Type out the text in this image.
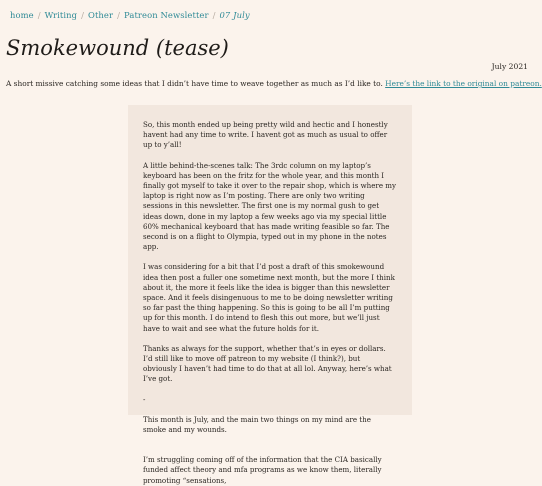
home / Writing / Other / Patreon Newsletter / 07 July
Smokewound (tease)
July 2021

A short missive catching some ideas that I didn’t have time to weave together as much as I’d like to. Here’s the link to the original on patreon.

So, this month ended up being pretty wild and hectic and I honestly havent had any time to write. I havent got as much as usual to offer up to y’all!

A little behind-the-scenes talk: The 3rdc column on my laptop’s keyboard has been on the fritz for the whole year, and this month I finally got myself to take it over to the repair shop, which is where my laptop is right now as I’m posting. There are only two writing sessions in this newsletter. The first one is my normal gush to get ideas down, done in my laptop a few weeks ago via my special little 60% mechanical keyboard that has made writing feasible so far. The second is on a flight to Olympia, typed out in my phone in the notes app.

I was considering for a bit that I’d post a draft of this smokewound idea then post a fuller one sometime next month, but the more I think about it, the more it feels like the idea is bigger than this newsletter space. And it feels disingenuous to me to be doing newsletter writing so far past the thing happening. So this is going to be all I’m putting up for this month. I do intend to flesh this out more, but we’ll just have to wait and see what the future holds for it.

Thanks as always for the support, whether that’s in eyes or dollars. I’d still like to move off patreon to my website (I think?), but obviously I haven’t had time to do that at all lol. Anyway, here’s what I’ve got.

-

This month is July, and the main two things on my mind are the smoke and my wounds.

I’m struggling coming off of the information that the CIA basically funded affect theory and mfa programs as we know them, literally promoting “sensations,
